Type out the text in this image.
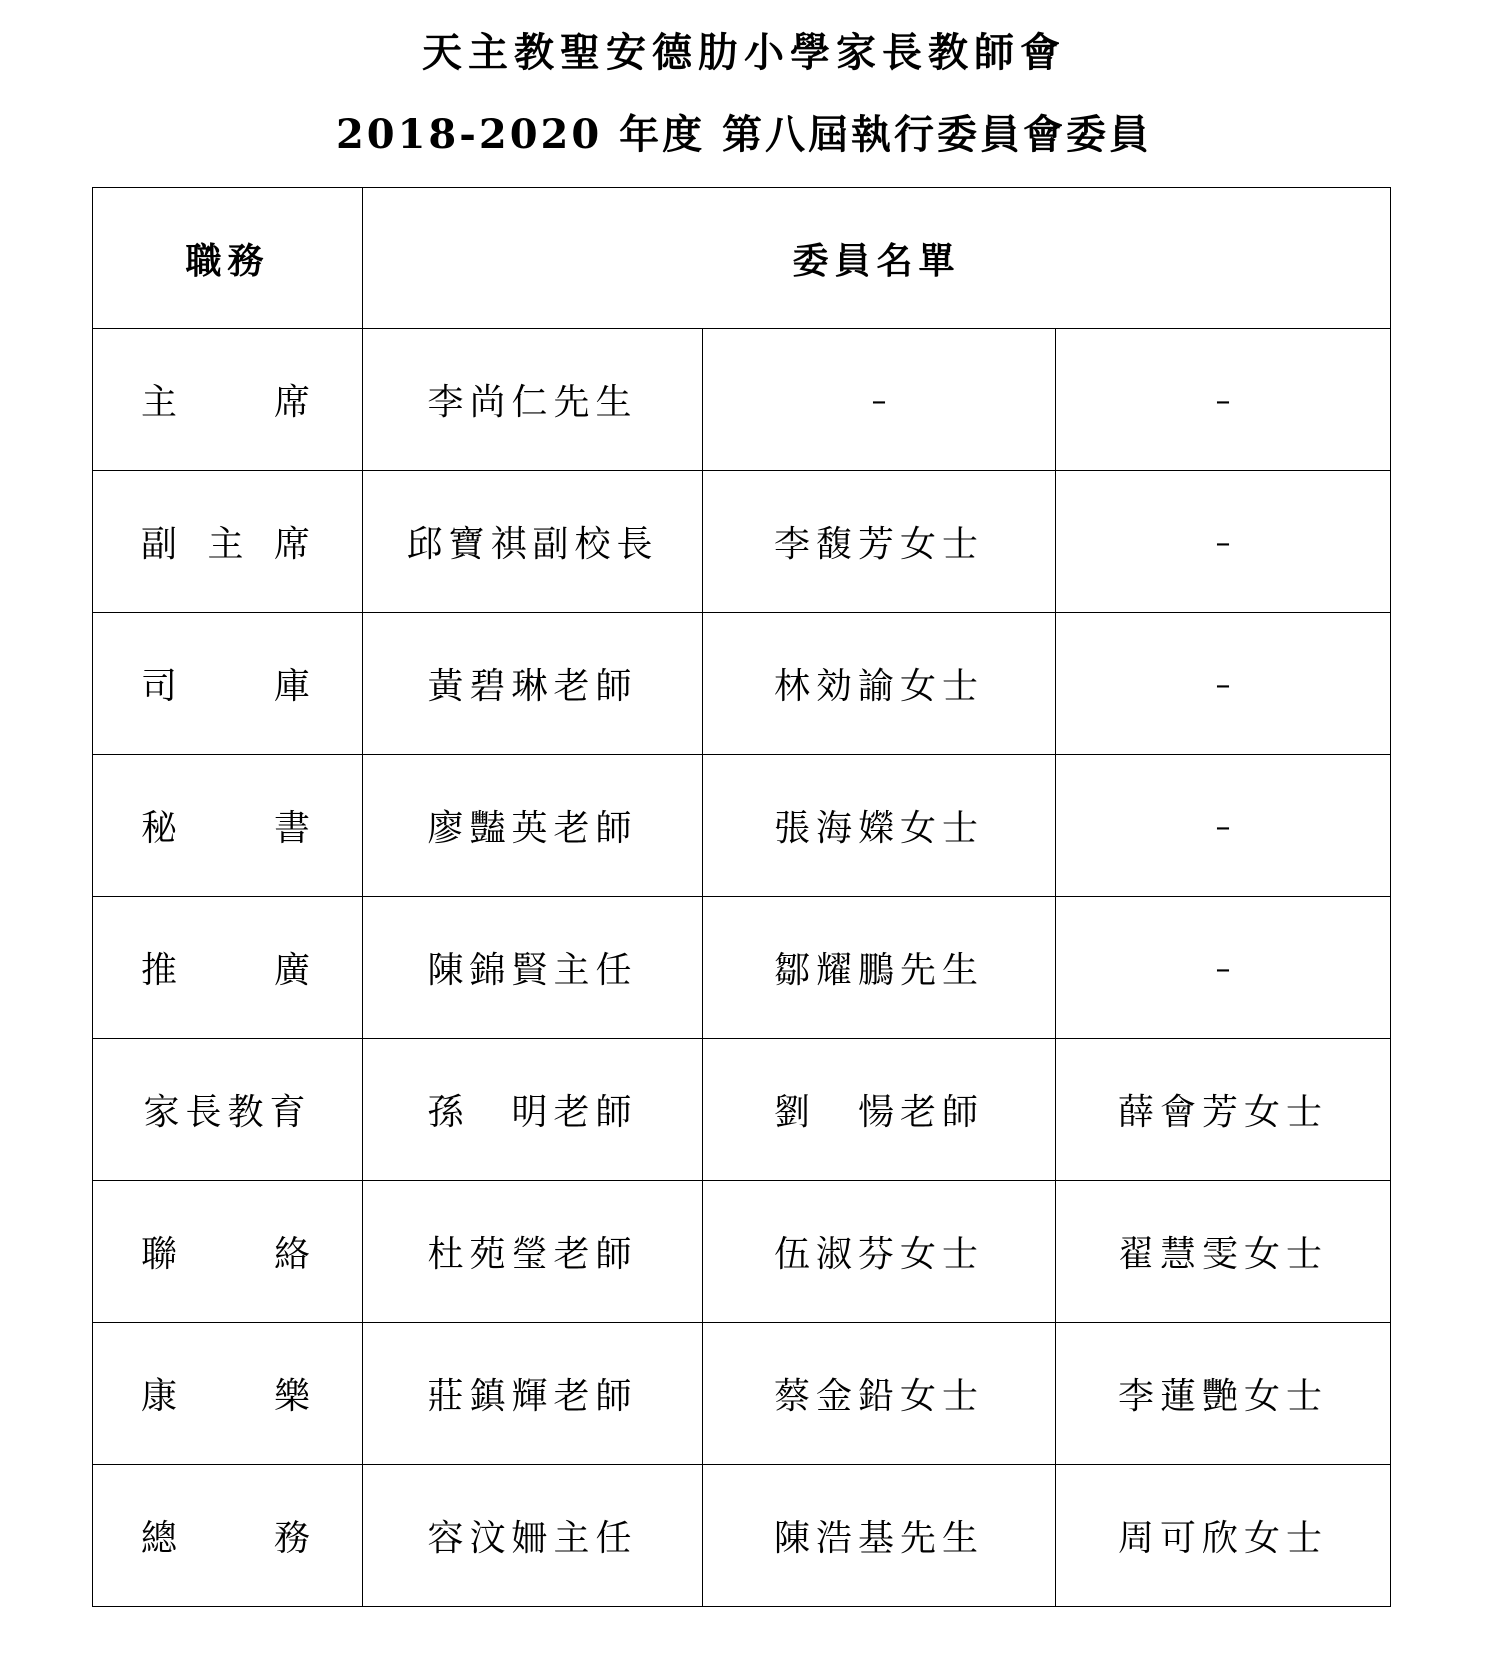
天主教聖安德肋小學家長教師會
2018-2020 年度 第八屆執行委員會委員
職務	委員名單		

主 席	李尚仁先生	–	–

副 主 席	邱寶祺副校長	李馥芳女士	–

司 庫	黃碧琳老師	林効諭女士	–

秘 書	廖豔英老師	張海嬫女士	–

推 廣	陳錦賢主任	鄒耀鵬先生	–

家長教育	孫　明老師	劉　愓老師	薛會芳女士

聯 絡	杜苑瑩老師	伍淑芬女士	翟慧雯女士

康 樂	莊鎮輝老師	蔡金鉛女士	李蓮艷女士

總 務	容汶姍主任	陳浩基先生	周可欣女士
